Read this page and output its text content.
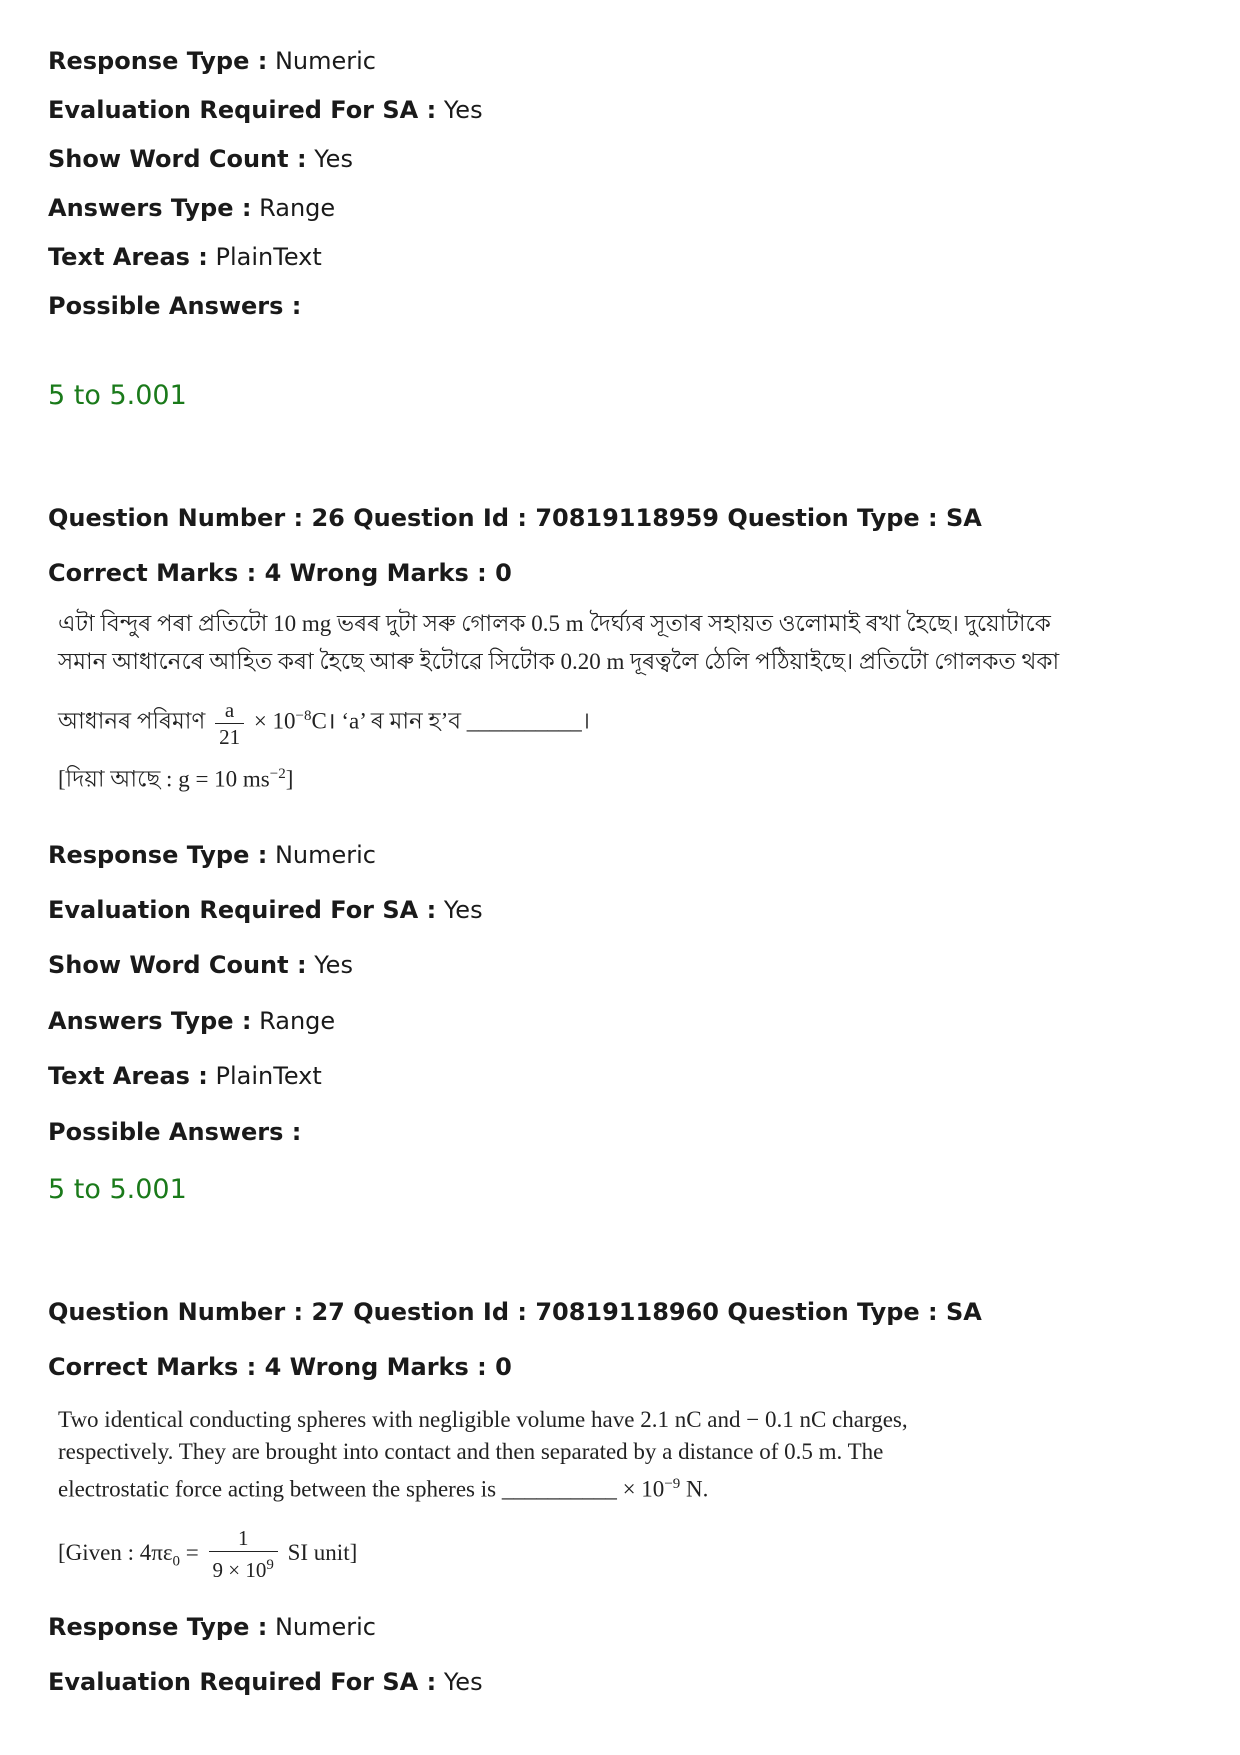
Response Type : Numeric
Evaluation Required For SA : Yes
Show Word Count : Yes
Answers Type : Range
Text Areas : PlainText
Possible Answers :
5 to 5.001
Question Number : 26 Question Id : 70819118959 Question Type : SA
Correct Marks : 4 Wrong Marks : 0
এটা বিন্দুৰ পৰা প্ৰতিটো 10 mg ভৰৰ দুটা সৰু গোলক 0.5 m দৈৰ্ঘ্যৰ সূতাৰ সহায়ত ওলোমাই ৰখা হৈছে। দুয়োটাকে
সমান আধানেৰে আহিত কৰা হৈছে আৰু ইটোৱে সিটোক 0.20 m দূৰত্বলৈ ঠেলি পঠিয়াইছে। প্ৰতিটো গোলকত থকা
আধানৰ পৰিমাণ $\frac{a}{21}$ × $10^{-8}C।$ ‘a’ ৰ মান হ’ব __________।
[দিয়া আছে : g = 10 $ms^{-2}$]
Response Type : Numeric
Evaluation Required For SA : Yes
Show Word Count : Yes
Answers Type : Range
Text Areas : PlainText
Possible Answers :
5 to 5.001
Question Number : 27 Question Id : 70819118960 Question Type : SA
Correct Marks : 4 Wrong Marks : 0
Two identical conducting spheres with negligible volume have 2.1 nC and − 0.1 nC charges,
respectively. They are brought into contact and then separated by a distance of 0.5 m. The
electrostatic force acting between the spheres is __________ × $10^{-9}$ N.
[Given : $4\pi\varepsilon_0 = \frac{1}{9 \times 10^9}$ SI unit]
Response Type : Numeric
Evaluation Required For SA : Yes
